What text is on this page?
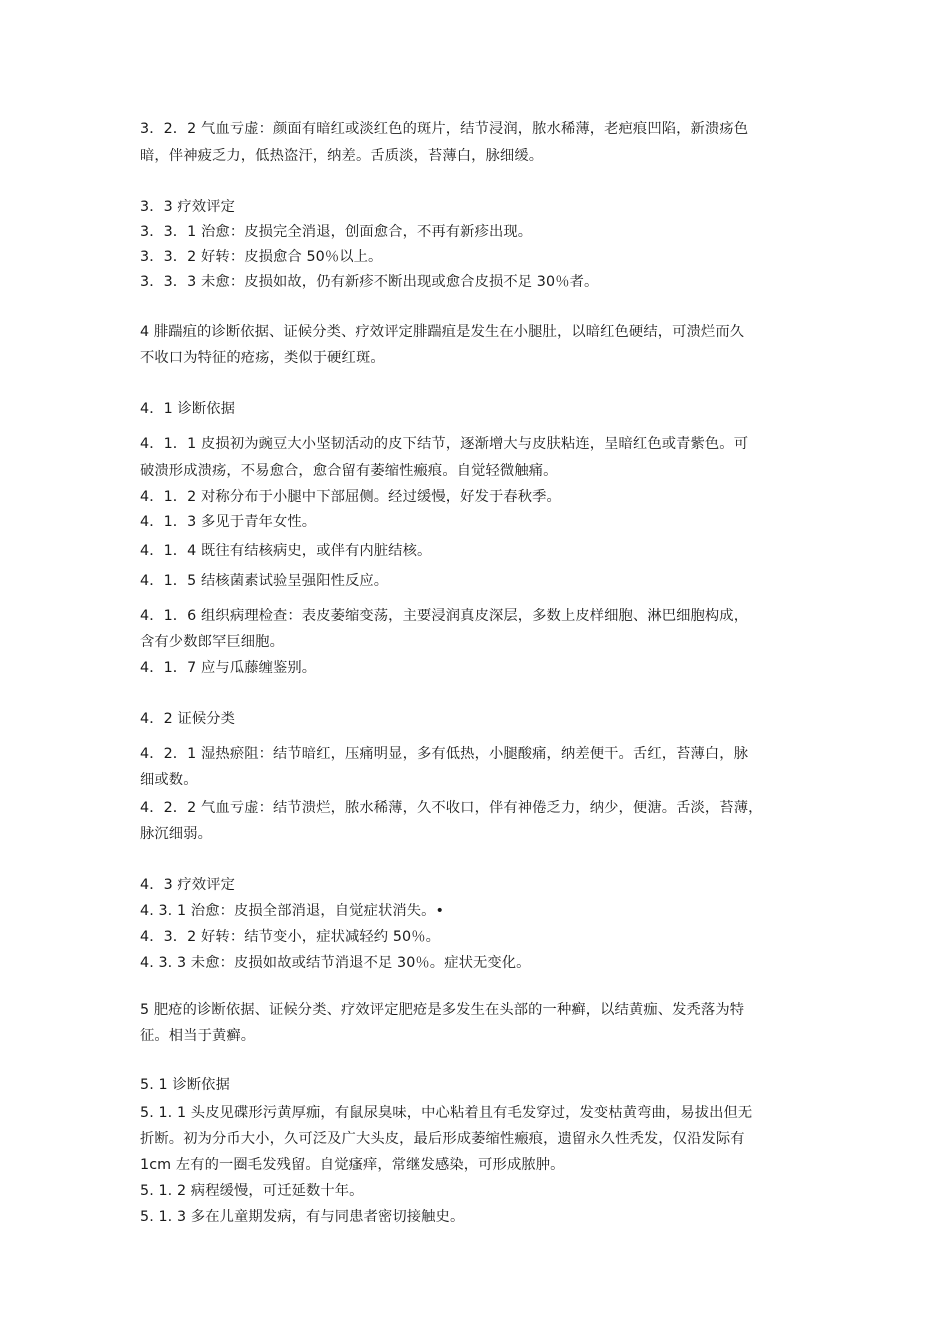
3．2．2 气血亏虚：颜面有暗红或淡红色的斑片，结节浸润，脓水稀薄，老疤痕凹陷，新溃疡色
暗，伴神疲乏力，低热盗汗，纳差。舌质淡，苔薄白，脉细缓。
3．3 疗效评定
3．3．1 治愈：皮损完全消退，创面愈合，不再有新疹出现。
3．3．2 好转：皮损愈合 50％以上。
3．3．3 未愈：皮损如故，仍有新疹不断出现或愈合皮损不足 30％者。
4 腓踹疽的诊断依据、证候分类、疗效评定腓踹疽是发生在小腿肚，以暗红色硬结，可溃烂而久
不收口为特征的疮疡，类似于硬红斑。
4．1 诊断依据
4．1．1 皮损初为豌豆大小坚韧活动的皮下结节，逐渐增大与皮肤粘连，呈暗红色或青紫色。可
破溃形成溃疡，不易愈合，愈合留有萎缩性瘢痕。自觉轻微触痛。
4．1．2 对称分布于小腿中下部屈侧。经过缓慢，好发于春秋季。
4．1．3 多见于青年女性。
4．1．4 既往有结核病史，或伴有内脏结核。
4．1．5 结核菌素试验呈强阳性反应。
4．1．6 组织病理检查：表皮萎缩变荡，主要浸润真皮深层，多数上皮样细胞、淋巴细胞构成，
含有少数郎罕巨细胞。
4．1．7 应与瓜藤缠鉴别。
4．2 证候分类
4．2．1 湿热瘀阻：结节暗红，压痛明显，多有低热，小腿酸痛，纳差便干。舌红，苔薄白，脉
细或数。
4．2．2 气血亏虚：结节溃烂，脓水稀薄，久不收口，伴有神倦乏力，纳少，便溏。舌淡，苔薄，
脉沉细弱。
4．3 疗效评定
4. 3. 1 治愈：皮损全部消退，自觉症状消失。•
4．3．2 好转：结节变小，症状减轻约 50％。
4. 3. 3 未愈：皮损如故或结节消退不足 30％。症状无变化。
5 肥疮的诊断依据、证候分类、疗效评定肥疮是多发生在头部的一种癣，以结黄痂、发秃落为特
征。相当于黄癣。
5. 1 诊断依据
5. 1. 1 头皮见碟形污黄厚痂，有鼠尿臭味，中心粘着且有毛发穿过，发变枯黄弯曲，易拔出但无
折断。初为分币大小，久可泛及广大头皮，最后形成萎缩性瘢痕，遗留永久性秃发，仅沿发际有
1cm 左有的一圈毛发残留。自觉瘙痒，常继发感染，可形成脓肿。
5. 1. 2 病程缓慢，可迁延数十年。
5. 1. 3 多在儿童期发病，有与同患者密切接触史。
